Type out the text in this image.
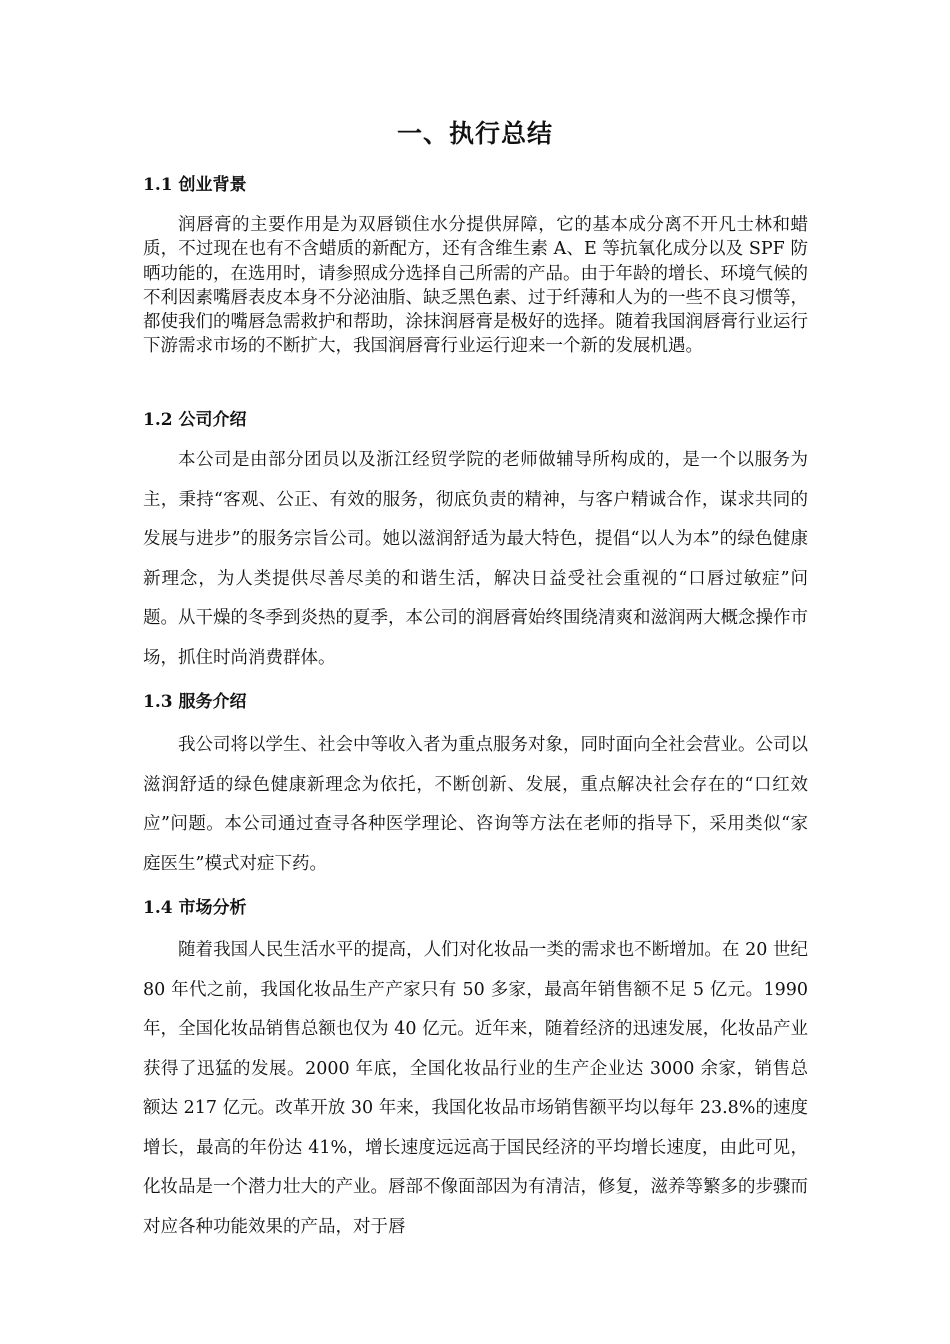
一、执行总结
1.1 创业背景

润唇膏的主要作用是为双唇锁住水分提供屏障，它的基本成分离不开凡士林和蜡质，不过现在也有不含蜡质的新配方，还有含维生素 A、E 等抗氧化成分以及 SPF 防晒功能的，在选用时，请参照成分选择自己所需的产品。由于年龄的增长、环境气候的不利因素嘴唇表皮本身不分泌油脂、缺乏黑色素、过于纤薄和人为的一些不良习惯等，都使我们的嘴唇急需救护和帮助，涂抹润唇膏是极好的选择。随着我国润唇膏行业运行下游需求市场的不断扩大，我国润唇膏行业运行迎来一个新的发展机遇。

1.2 公司介绍

本公司是由部分团员以及浙江经贸学院的老师做辅导所构成的，是一个以服务为主，秉持“客观、公正、有效的服务，彻底负责的精神，与客户精诚合作，谋求共同的发展与进步”的服务宗旨公司。她以滋润舒适为最大特色，提倡“以人为本”的绿色健康新理念，为人类提供尽善尽美的和谐生活，解决日益受社会重视的“口唇过敏症”问题。从干燥的冬季到炎热的夏季，本公司的润唇膏始终围绕清爽和滋润两大概念操作市场，抓住时尚消费群体。

1.3 服务介绍

我公司将以学生、社会中等收入者为重点服务对象，同时面向全社会营业。公司以滋润舒适的绿色健康新理念为依托，不断创新、发展，重点解决社会存在的“口红效应”问题。本公司通过查寻各种医学理论、咨询等方法在老师的指导下，采用类似“家庭医生”模式对症下药。

1.4 市场分析

随着我国人民生活水平的提高，人们对化妆品一类的需求也不断增加。在 20 世纪 80 年代之前，我国化妆品生产产家只有 50 多家，最高年销售额不足 5 亿元。1990 年，全国化妆品销售总额也仅为 40 亿元。近年来，随着经济的迅速发展，化妆品产业获得了迅猛的发展。2000 年底，全国化妆品行业的生产企业达 3000 余家，销售总额达 217 亿元。改革开放 30 年来，我国化妆品市场销售额平均以每年 23.8%的速度增长，最高的年份达 41%，增长速度远远高于国民经济的平均增长速度，由此可见，化妆品是一个潜力壮大的产业。唇部不像面部因为有清洁，修复，滋养等繁多的步骤而对应各种功能效果的产品，对于唇
